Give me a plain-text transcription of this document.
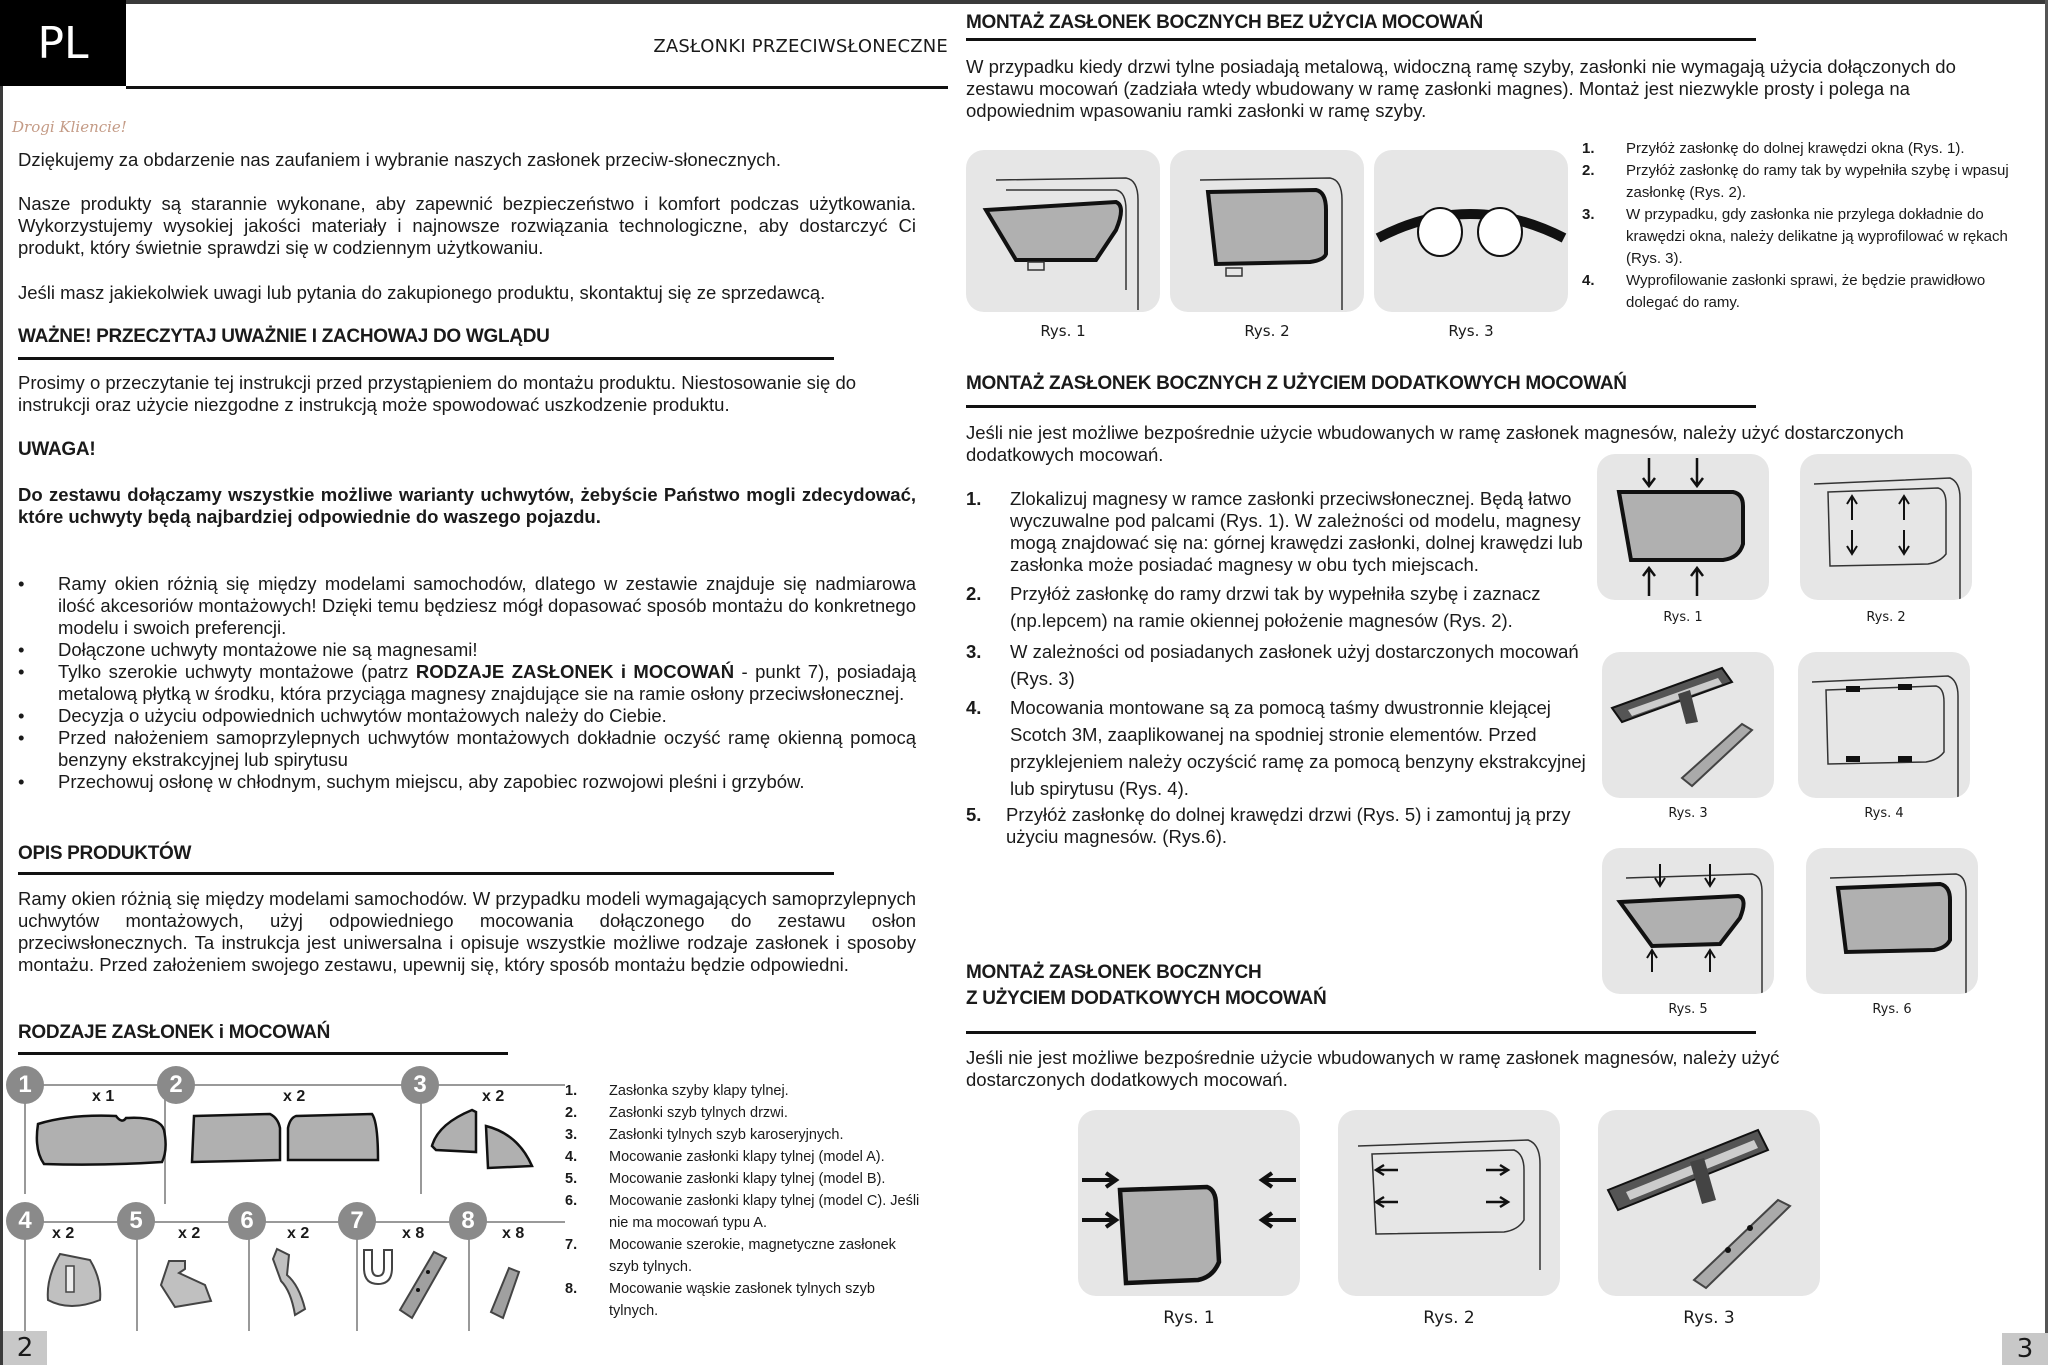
PL	ZASŁONKI PRZECIWSŁONECZNE
Drogi Kliencie!
Dziękujemy za obdarzenie nas zaufaniem i wybranie naszych zasłonek przeciw-słonecznych.
Nasze produkty są starannie wykonane, aby zapewnić bezpieczeństwo i komfort podczas użytkowania. Wykorzystujemy wysokiej jakości materiały i najnowsze rozwiązania technologiczne, aby dostarczyć Ci produkt, który świetnie sprawdzi się w codziennym użytkowaniu.
Jeśli masz jakiekolwiek uwagi lub pytania do zakupionego produktu, skontaktuj się ze sprzedawcą.
WAŻNE! PRZECZYTAJ UWAŻNIE I ZACHOWAJ DO WGLĄDU
Prosimy o przeczytanie tej instrukcji przed przystąpieniem do montażu produktu. Niestosowanie się do instrukcji oraz użycie niezgodne z instrukcją może spowodować uszkodzenie produktu.
UWAGA!
Do zestawu dołączamy wszystkie możliwe warianty uchwytów, żebyście Państwo mogli zdecydować, które uchwyty będą najbardziej odpowiednie do waszego pojazdu.
• Ramy okien różnią się między modelami samochodów, dlatego w zestawie znajduje się nadmiarowa ilość akcesoriów montażowych! Dzięki temu będziesz mógł dopasować sposób montażu do konkretnego modelu i swoich preferencji.
• Dołączone uchwyty montażowe nie są magnesami!
• Tylko szerokie uchwyty montażowe (patrz RODZAJE ZASŁONEK i MOCOWAŃ - punkt 7), posiadają metalową płytką w środku, która przyciąga magnesy znajdujące sie na ramie osłony przeciwsłonecznej.
• Decyzja o użyciu odpowiednich uchwytów montażowych należy do Ciebie.
• Przed nałożeniem samoprzylepnych uchwytów montażowych dokładnie oczyść ramę okienną pomocą benzyny ekstrakcyjnej lub spirytusu
• Przechowuj osłonę w chłodnym, suchym miejscu, aby zapobiec rozwojowi pleśni i grzybów.
OPIS PRODUKTÓW
Ramy okien różnią się między modelami samochodów. W przypadku modeli wymagających samoprzylepnych uchwytów montażowych, użyj odpowiedniego mocowania dołączonego do zestawu osłon przeciwsłonecznych. Ta instrukcja jest uniwersalna i opisuje wszystkie możliwe rodzaje zasłonek i sposoby montażu. Przed założeniem swojego zestawu, upewnij się, który sposób montażu będzie odpowiedni.
RODZAJE ZASŁONEK i MOCOWAŃ
1	2	3
4	5	6	7	8
x 1	x 2	x 2
x 2	x 2	x 2	x 8	x 8
1.	Zasłonka szyby klapy tylnej.
2.	Zasłonki szyb tylnych drzwi.
3.	Zasłonki tylnych szyb karoseryjnych.
4.	Mocowanie zasłonki klapy tylnej (model A).
5.	Mocowanie zasłonki klapy tylnej (model B).
6.	Mocowanie zasłonki klapy tylnej (model C). Jeśli nie ma mocowań typu A.
7.	Mocowanie szerokie, magnetyczne zasłonek szyb tylnych.
8.	Mocowanie wąskie zasłonek tylnych szyb tylnych.
2
MONTAŻ ZASŁONEK BOCZNYCH BEZ UŻYCIA MOCOWAŃ
W przypadku kiedy drzwi tylne posiadają metalową, widoczną ramę szyby, zasłonki nie wymagają użycia dołączonych do zestawu mocowań (zadziała wtedy wbudowany w ramę zasłonki magnes). Montaż jest niezwykle prosty i polega na odpowiednim wpasowaniu ramki zasłonki w ramę szyby.
Rys. 1	Rys. 2	Rys. 3
1.	Przyłóż zasłonkę do dolnej krawędzi okna (Rys. 1).
2.	Przyłóż zasłonkę do ramy tak by wypełniła szybę i wpasuj zasłonkę (Rys. 2).
3.	W przypadku, gdy zasłonka nie przylega dokładnie do krawędzi okna, należy delikatne ją wyprofilować w rękach (Rys. 3).
4.	Wyprofilowanie zasłonki sprawi, że będzie prawidłowo dolegać do ramy.
MONTAŻ ZASŁONEK BOCZNYCH Z UŻYCIEM DODATKOWYCH MOCOWAŃ
Jeśli nie jest możliwe bezpośrednie użycie wbudowanych w ramę zasłonek magnesów, należy użyć dostarczonych dodatkowych mocowań.
1.	Zlokalizuj magnesy w ramce zasłonki przeciwsłonecznej. Będą łatwo wyczuwalne pod palcami (Rys. 1). W zależności od modelu, magnesy mogą znajdować się na: górnej krawędzi zasłonki, dolnej krawędzi lub zasłonka może posiadać magnesy w obu tych miejscach.
2.	Przyłóż zasłonkę do ramy drzwi tak by wypełniła szybę i zaznacz (np.lepcem) na ramie okiennej położenie magnesów (Rys. 2).
3.	W zależności od posiadanych zasłonek użyj dostarczonych mocowań (Rys. 3)
4.	Mocowania montowane są za pomocą taśmy dwustronnie klejącej Scotch 3M, zaaplikowanej na spodniej stronie elementów. Przed przyklejeniem należy oczyścić ramę za pomocą benzyny ekstrakcyjnej lub spirytusu (Rys. 4).
5.	Przyłóż zasłonkę do dolnej krawędzi drzwi (Rys. 5) i zamontuj ją przy użyciu magnesów. (Rys.6).
Rys. 1	Rys. 2
Rys. 3	Rys. 4
Rys. 5	Rys. 6
MONTAŻ ZASŁONEK BOCZNYCH
Z UŻYCIEM DODATKOWYCH MOCOWAŃ
Jeśli nie jest możliwe bezpośrednie użycie wbudowanych w ramę zasłonek magnesów, należy użyć dostarczonych dodatkowych mocowań.
Rys. 1	Rys. 2	Rys. 3
3
